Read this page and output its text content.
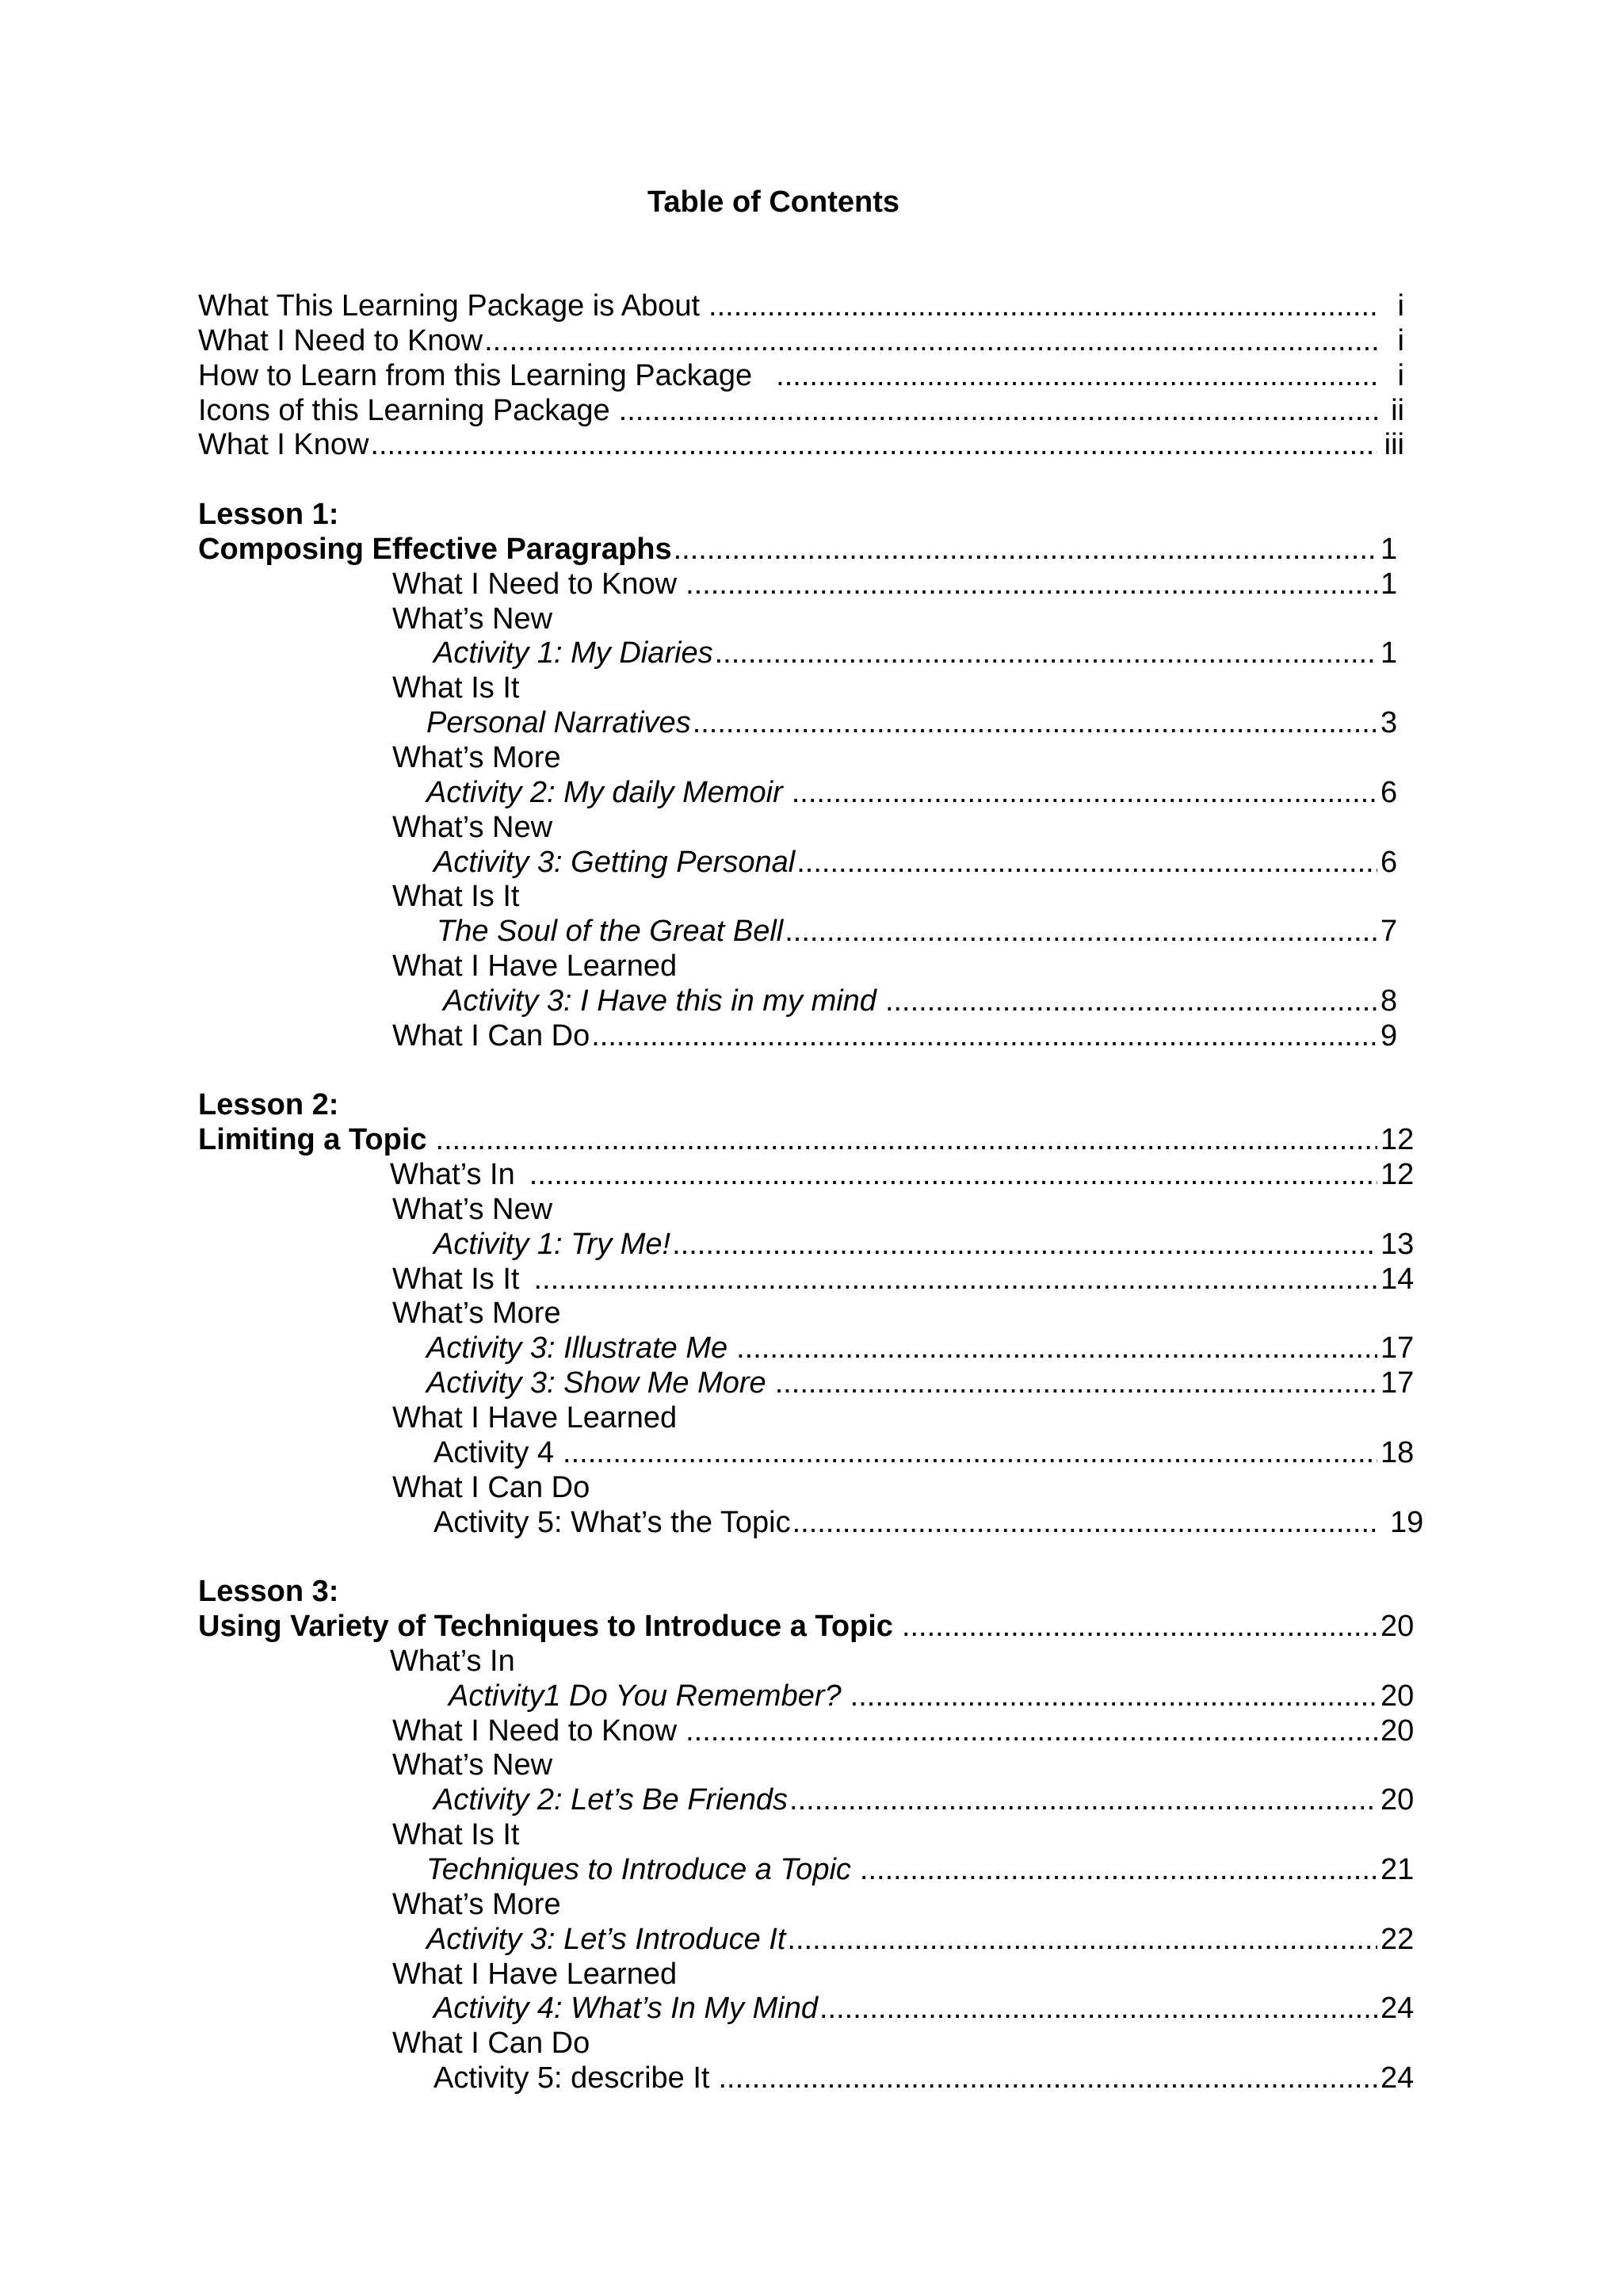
Table of Contents
What This Learning Package is About .....	i
What I Need to Know .....	i
How to Learn from this Learning Package .....	i
Icons of this Learning Package .....	ii
What I Know .....	iii
Lesson 1:
Composing Effective Paragraphs .....	1
What I Need to Know .....	1
What’s New
Activity 1: My Diaries .....	1
What Is It
Personal Narratives .....	3
What’s More
Activity 2: My daily Memoir .....	6
What’s New
Activity 3: Getting Personal .....	6
What Is It
The Soul of the Great Bell .....	7
What I Have Learned
Activity 3: I Have this in my mind .....	8
What I Can Do .....	9
Lesson 2:
Limiting a Topic .....	12
What’s In .....	12
What’s New
Activity 1: Try Me! .....	13
What Is It .....	14
What’s More
Activity 3: Illustrate Me .....	17
Activity 3: Show Me More .....	17
What I Have Learned
Activity 4 .....	18
What I Can Do
Activity 5: What’s the Topic .....	19
Lesson 3:
Using Variety of Techniques to Introduce a Topic .....	20
What’s In
Activity1 Do You Remember? .....	20
What I Need to Know .....	20
What’s New
Activity 2: Let’s Be Friends .....	20
What Is It
Techniques to Introduce a Topic .....	21
What’s More
Activity 3: Let’s Introduce It .....	22
What I Have Learned
Activity 4: What’s In My Mind .....	24
What I Can Do
Activity 5: describe It .....	24
